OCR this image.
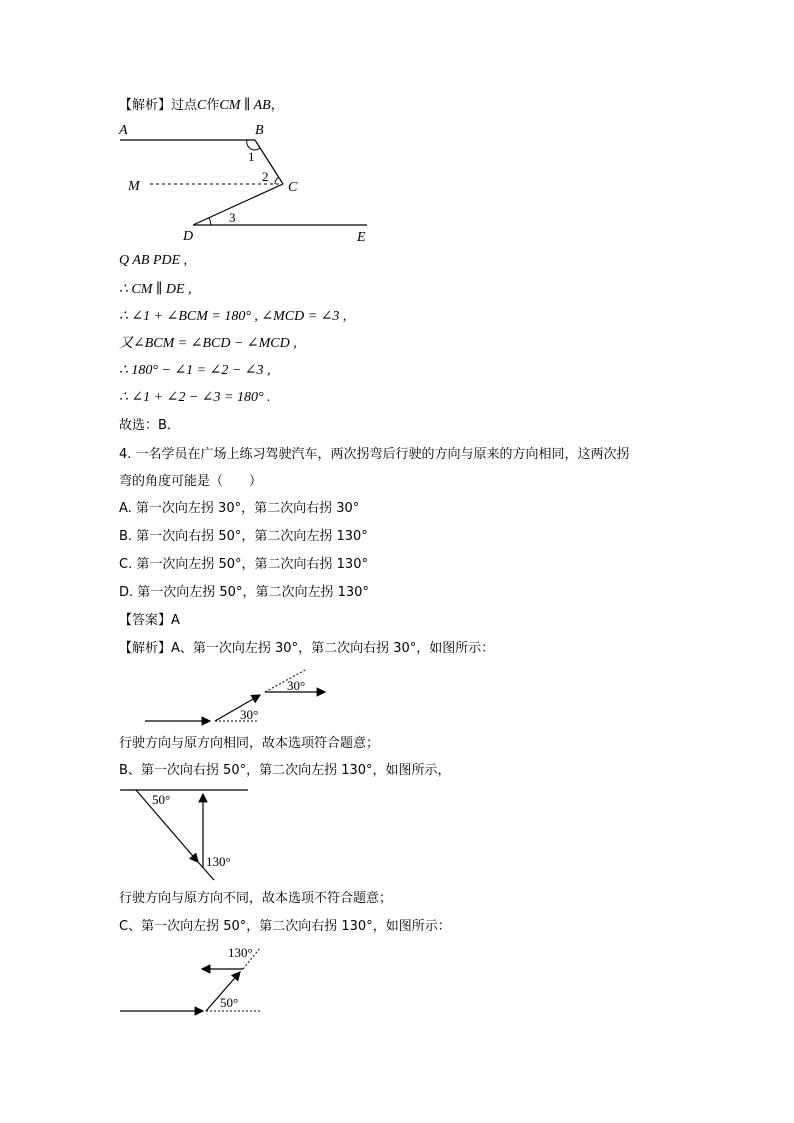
【解析】过点C作CM ∥ AB，
A	B
1
2
M	C
3
D	E
Q AB PDE ,
∴ CM ∥ DE ,
∴ ∠1 + ∠BCM = 180° , ∠MCD = ∠3 ,
又∠BCM = ∠BCD − ∠MCD ,
∴ 180° − ∠1 = ∠2 − ∠3 ,
∴ ∠1 + ∠2 − ∠3 = 180° .
故选：B．
4. 一名学员在广场上练习驾驶汽车，两次拐弯后行驶的方向与原来的方向相同，这两次拐
弯的角度可能是（　　）
A. 第一次向左拐 30°，第二次向右拐 30°
B. 第一次向右拐 50°，第二次向左拐 130°
C. 第一次向左拐 50°，第二次向右拐 130°
D. 第一次向左拐 50°，第二次向左拐 130°
【答案】A
【解析】A、第一次向左拐 30°，第二次向右拐 30°，如图所示：
30°
30°
行驶方向与原方向相同，故本选项符合题意；
B、第一次向右拐 50°，第二次向左拐 130°，如图所示，
50°
130°
行驶方向与原方向不同，故本选项不符合题意；
C、第一次向左拐 50°，第二次向右拐 130°，如图所示：
130°
50°
